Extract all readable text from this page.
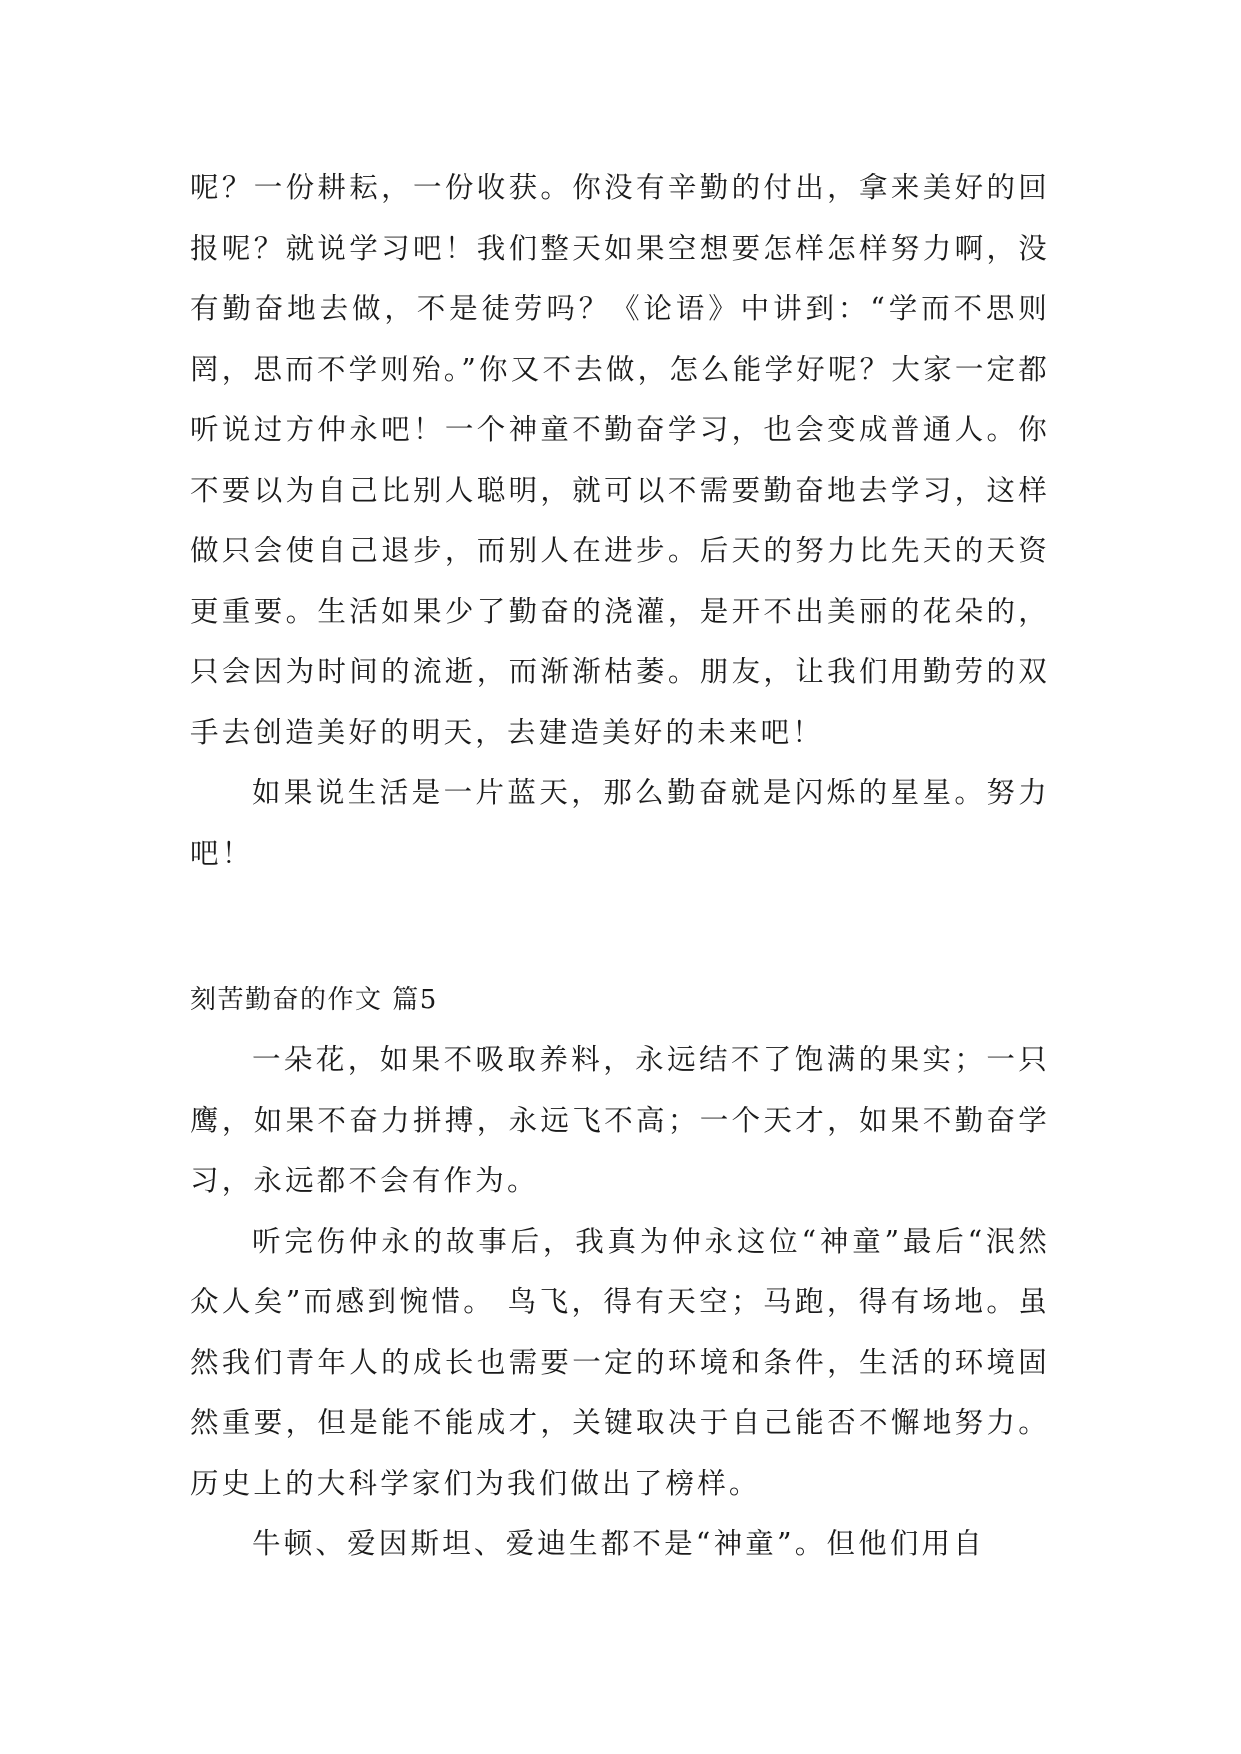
呢？一份耕耘，一份收获。你没有辛勤的付出，拿来美好的回报呢？就说学习吧！我们整天如果空想要怎样怎样努力啊，没有勤奋地去做，不是徒劳吗？《论语》中讲到：“学而不思则罔，思而不学则殆。”你又不去做，怎么能学好呢？大家一定都听说过方仲永吧！一个神童不勤奋学习，也会变成普通人。你不要以为自己比别人聪明，就可以不需要勤奋地去学习，这样做只会使自己退步，而别人在进步。后天的努力比先天的天资更重要。生活如果少了勤奋的浇灌，是开不出美丽的花朵的，只会因为时间的流逝，而渐渐枯萎。朋友，让我们用勤劳的双手去创造美好的明天，去建造美好的未来吧！

如果说生活是一片蓝天，那么勤奋就是闪烁的星星。努力吧！

刻苦勤奋的作文 篇5

一朵花，如果不吸取养料，永远结不了饱满的果实；一只鹰，如果不奋力拼搏，永远飞不高；一个天才，如果不勤奋学习，永远都不会有作为。

听完伤仲永的故事后，我真为仲永这位“神童”最后“泯然众人矣”而感到惋惜。 鸟飞，得有天空；马跑，得有场地。虽然我们青年人的成长也需要一定的环境和条件，生活的环境固然重要，但是能不能成才，关键取决于自己能否不懈地努力。历史上的大科学家们为我们做出了榜样。

牛顿、爱因斯坦、爱迪生都不是“神童”。但他们用自
